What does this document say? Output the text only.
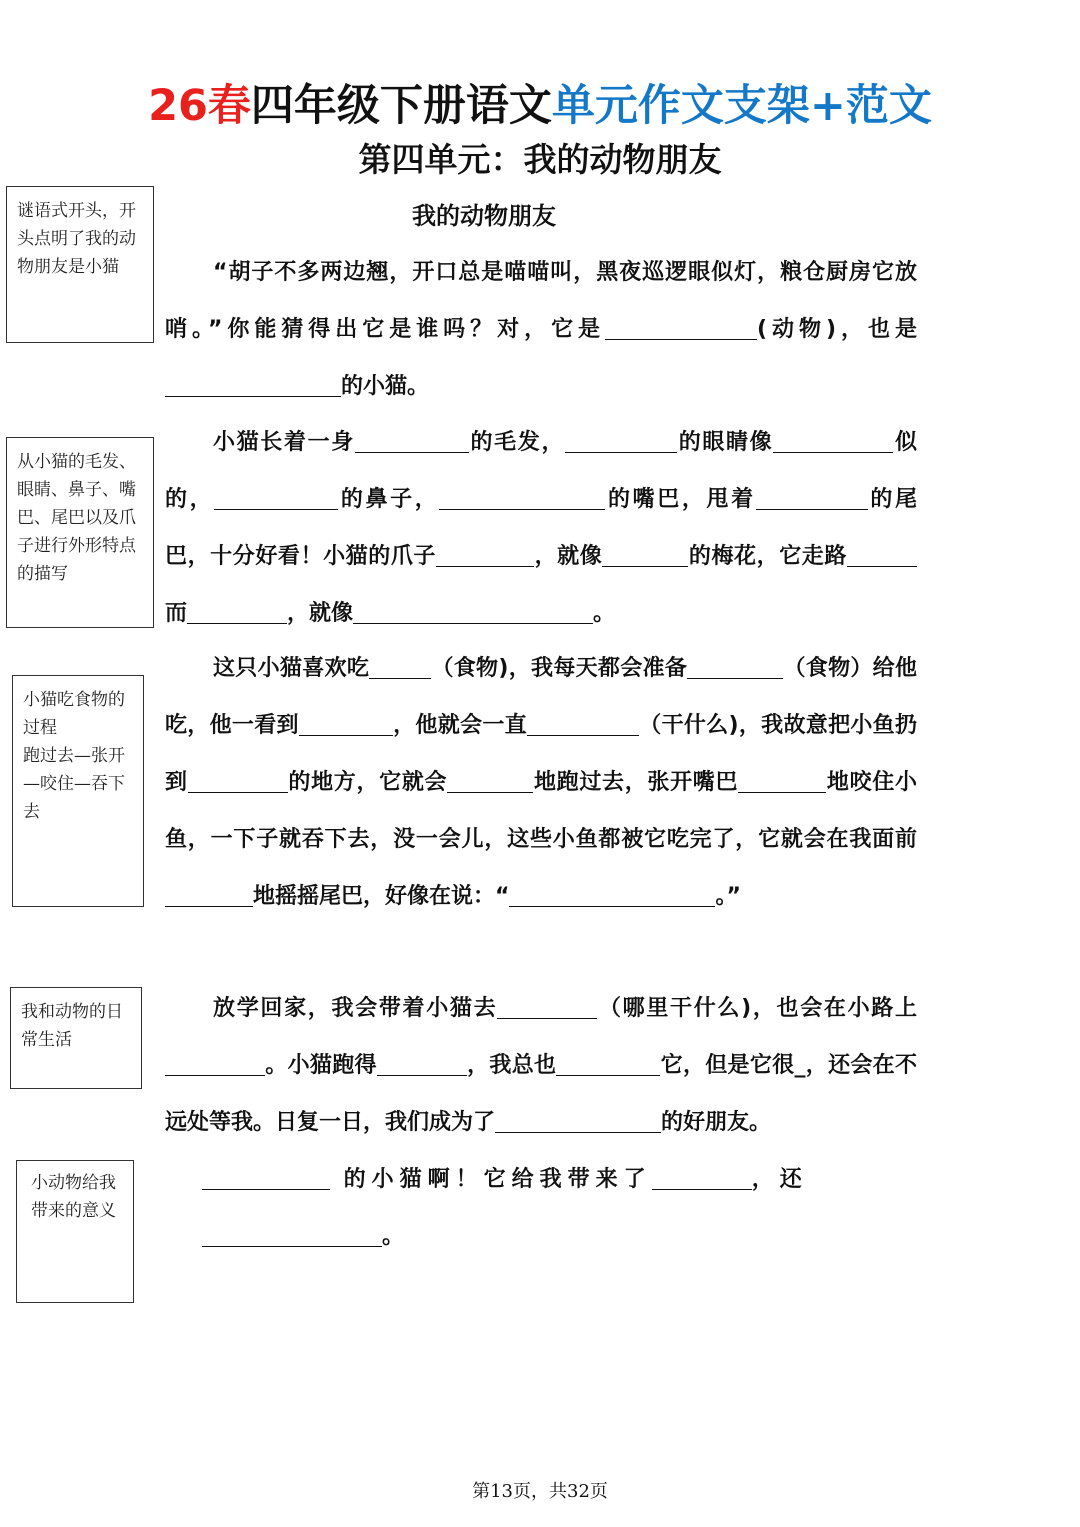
26春四年级下册语文单元作文支架+范文
第四单元：我的动物朋友
我的动物朋友
谜语式开头，开头点明了我的动物朋友是小猫
从小猫的毛发、眼睛、鼻子、嘴巴、尾巴以及爪子进行外形特点的描写
小猫吃食物的过程
跑过去—张开—咬住—吞下去
我和动物的日常生活
小动物给我带来的意义
“胡子不多两边翘，开口总是喵喵叫，黑夜巡逻眼似灯，粮仓厨房它放哨。”你能猜得出它是谁吗？对，它是	(动物)，也是的小猫。
小猫长着一身	的毛发，	的眼睛像	似的，	的鼻子，	的嘴巴，甩着	的尾巴，十分好看！小猫的爪子	，就像	的梅花，它走路而	，就像	。
这只小猫喜欢吃	（食物)，我每天都会准备	（食物）给他吃，他一看到	，他就会一直	（干什么)，我故意把小鱼扔到	的地方，它就会	地跑过去，张开嘴巴	地咬住小鱼，一下子就吞下去，没一会儿，这些小鱼都被它吃完了，它就会在我面前地摇摇尾巴，好像在说：“	。”
放学回家，我会带着小猫去	（哪里干什么)，也会在小路上。小猫跑得	，我总也	它，但是它很_，还会在不远处等我。日复一日，我们成为了	的好朋友。
的小猫啊！它给我带来了	，还
。
第13页，共32页
